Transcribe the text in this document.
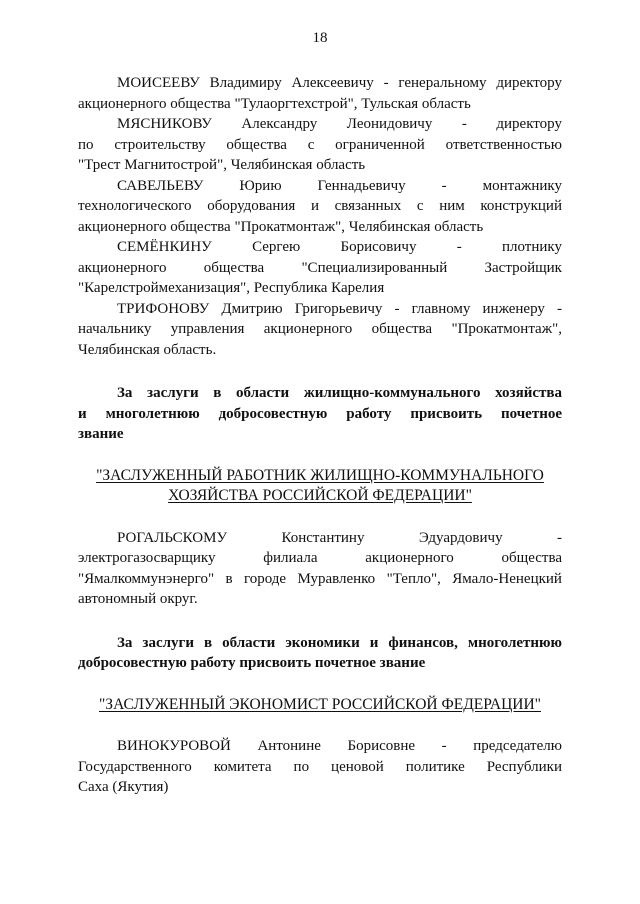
18
МОИСЕЕВУ Владимиру Алексеевичу - генеральному директору
акционерного общества "Тулаоргтехстрой", Тульская область
МЯСНИКОВУ Александру Леонидовичу - директору
по строительству общества с ограниченной ответственностью
"Трест Магнитострой", Челябинская область
САВЕЛЬЕВУ Юрию Геннадьевичу - монтажнику
технологического оборудования и связанных с ним конструкций
акционерного общества "Прокатмонтаж", Челябинская область
СЕМЁНКИНУ	Сергею	Борисовичу	-	плотнику
акционерного общества "Специализированный Застройщик
"Карелстроймеханизация", Республика Карелия
ТРИФОНОВУ Дмитрию Григорьевичу - главному инженеру -
начальнику управления акционерного общества "Прокатмонтаж",
Челябинская область.
За заслуги в области жилищно-коммунального хозяйства
и многолетнюю добросовестную работу присвоить почетное
звание
"ЗАСЛУЖЕННЫЙ РАБОТНИК ЖИЛИЩНО-КОММУНАЛЬНОГО
ХОЗЯЙСТВА РОССИЙСКОЙ ФЕДЕРАЦИИ"
РОГАЛЬСКОМУ	Константину	Эдуардовичу	-
электрогазосварщику	филиала	акционерного	общества
"Ямалкоммунэнерго" в городе Муравленко "Тепло", Ямало-Ненецкий
автономный округ.
За заслуги в области экономики и финансов, многолетнюю
добросовестную работу присвоить почетное звание
"ЗАСЛУЖЕННЫЙ ЭКОНОМИСТ РОССИЙСКОЙ ФЕДЕРАЦИИ"
ВИНОКУРОВОЙ Антонине Борисовне - председателю
Государственного комитета по ценовой политике Республики
Саха (Якутия)
